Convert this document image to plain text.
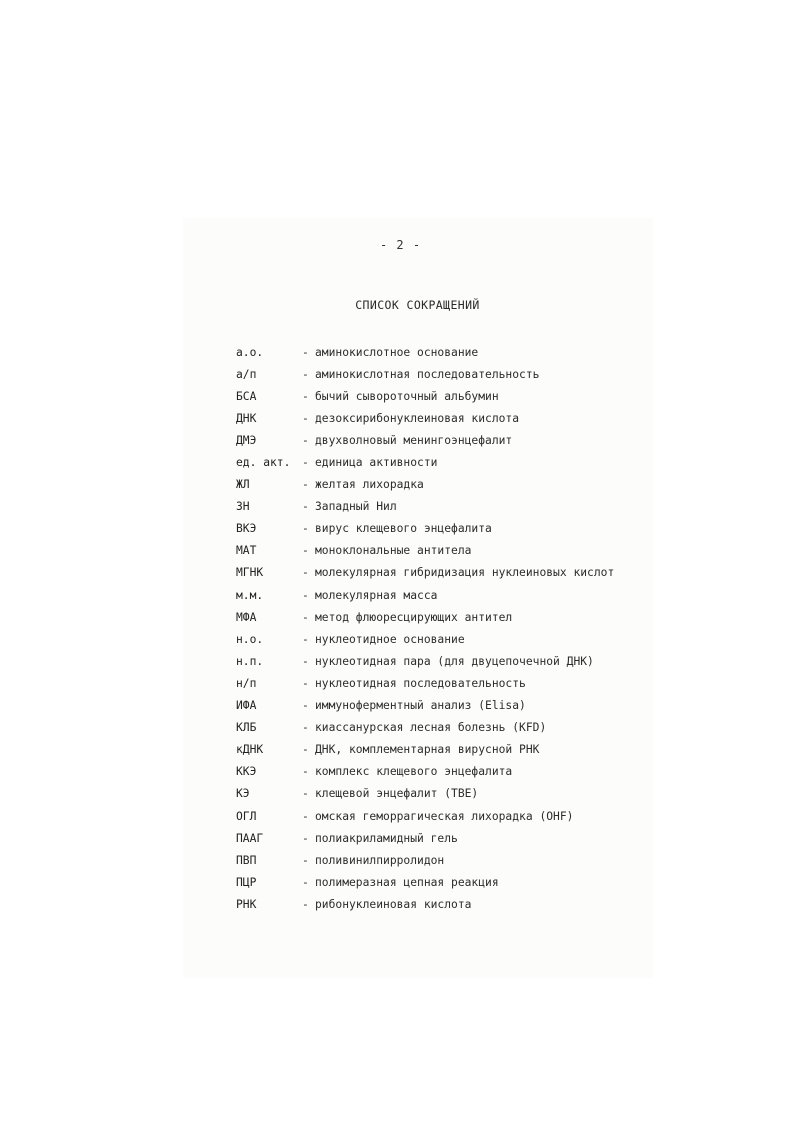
- 2 -
СПИСОК СОКРАЩЕНИЙ
а.о.	- аминокислотное основание
а/п	- аминокислотная последовательность
БСА	- бычий сывороточный альбумин
ДНК	- дезоксирибонуклеиновая кислота
ДМЭ	- двухволновый менингоэнцефалит
ед. акт.	- единица активности
ЖЛ	- желтая лихорадка
ЗН	- Западный Нил
ВКЭ	- вирус клещевого энцефалита
МАТ	- моноклональные антитела
МГНК	- молекулярная гибридизация нуклеиновых кислот
м.м.	- молекулярная масса
МФА	- метод флюоресцирующих антител
н.о.	- нуклеотидное основание
н.п.	- нуклеотидная пара (для двуцепочечной ДНК)
н/п	- нуклеотидная последовательность
ИФА	- иммуноферментный анализ (Elisa)
КЛБ	- киассанурская лесная болезнь (KFD)
кДНК	- ДНК, комплементарная вирусной РНК
ККЭ	- комплекс клещевого энцефалита
КЭ	- клещевой энцефалит (TBE)
ОГЛ	- омская геморрагическая лихорадка (OHF)
ПААГ	- полиакриламидный гель
ПВП	- поливинилпирролидон
ПЦР	- полимеразная цепная реакция
РНК	- рибонуклеиновая кислота
